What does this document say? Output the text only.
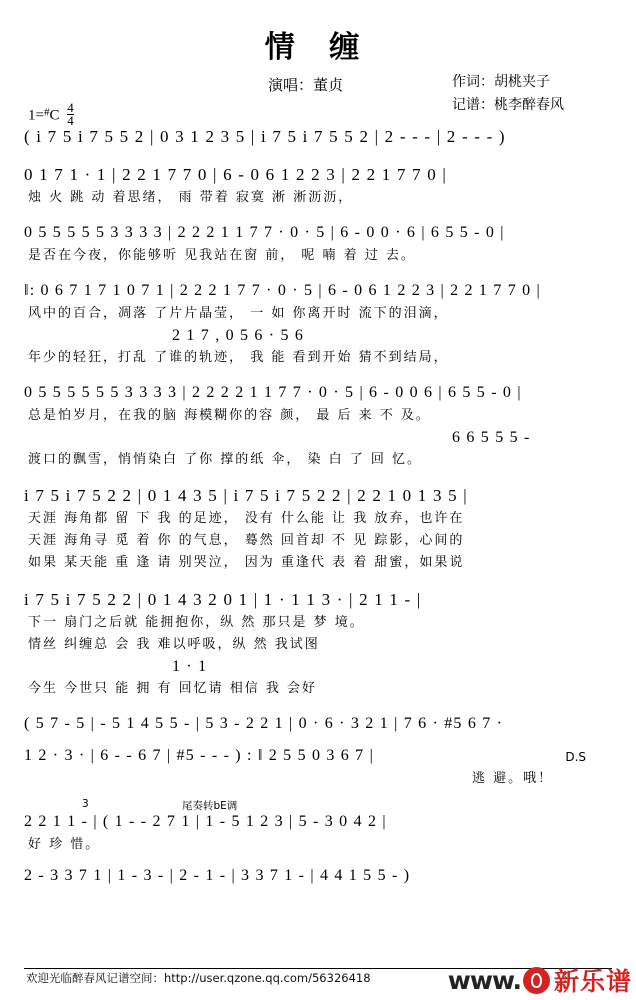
情 缠
$1=^{\#}C \frac{4}{4}$
演唱：董贞	作词：胡桃夹子
记谱：桃李醉春风
( i 7 5 i 7 5 5 2 | 0 3 1 2 3 5 | i 7 5 i 7 5 5 2 | 2 - - - | 2 - - - )
0 1 7 1 · 1 | 2 2 1 7 7 0 | 6 - 0 6 1 2 2 3 | 2 2 1 7 7 0 |
烛 火 跳 动 着思绪， 雨 带着 寂寞 淅 淅沥沥，
0 5 5 5 5 5 3 3 3 3 | 2 2 2 1 1 7 7 · 0 · 5 | 6 - 0 0 · 6 | 6 5 5 - 0 |
是否在今夜，你能够听 见我站在窗 前， 呢 喃 着 过 去。
‖: 0 6 7 1 7 1 0 7 1 | 2 2 2 1 7 7 · 0 · 5 | 6 - 0 6 1 2 2 3 | 2 2 1 7 7 0 |
风中的百合，凋落 了片片晶莹， 一 如 你离开时 流下的泪滴，
2 1 7 , 0 5 6 · 5 6
年少的轻狂，打乱 了谁的轨迹， 我 能 看到开始 猜不到结局，
0 5 5 5 5 5 5 3 3 3 3 | 2 2 2 2 1 1 7 7 · 0 · 5 | 6 - 0 0 6 | 6 5 5 - 0 |
总是怕岁月，在我的脑 海模糊你的容 颜， 最 后 来 不 及。
6 6 5 5 5 -
渡口的飘雪，悄悄染白 了你 撑的纸 伞， 染 白 了 回 忆。
i 7 5 i 7 5 2 2 | 0 1 4 3 5 | i 7 5 i 7 5 2 2 | 2 2 1 0 1 3 5 |
天涯 海角都 留 下 我 的足迹， 没有 什么能 让 我 放弃，也许在
天涯 海角寻 觅 着 你 的气息， 蓦然 回首却 不 见 踪影，心间的
如果 某天能 重 逢 请 别哭泣， 因为 重逢代 表 着 甜蜜，如果说
i 7 5 i 7 5 2 2 | 0 1 4 3 2 0 1 | 1 · 1 1 3 · | 2 1 1 - |
下一 扇门之后就 能拥抱你，纵 然 那只是 梦 境。
情丝 纠缠总 会 我 难以呼吸，纵 然 我试图
1 · 1
今生 今世只 能 拥 有 回忆请 相信 我 会好
( 5 7 - 5 | - 5 1 4 5 5 - | 5 3 - 2 2 1 | 0 · 6 · 3 2 1 | 7 6 · #5 6 7 ·
1 2 · 3 · | 6 - - 6 7 | #5 - - - ) : ‖ 2 5 5 0 3 6 7 |
逃 避。哦！
D.S
3	尾奏转bE调
2 2 1 1 - | ( 1 - - 2 7 1 | 1 - 5 1 2 3 | 5 - 3 0 4 2 |
好 珍 惜。
2 - 3 3 7 1 | 1 - 3 - | 2 - 1 - | 3 3 7 1 - | 4 4 1 5 5 - )
欢迎光临醉春风记谱空间：http://user.qzone.qq.com/56326418	www. 新乐谱
